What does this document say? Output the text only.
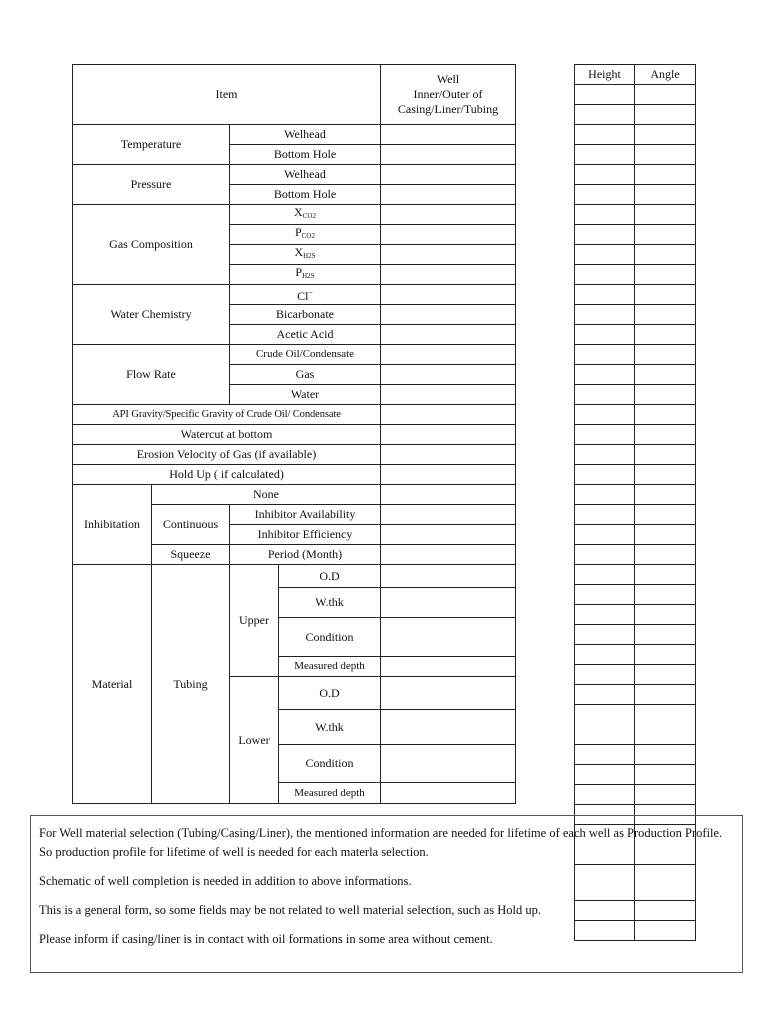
Item				Well
Inner/Outer of
Casing/Liner/Tubing

Temperature		Welhead		
		Bottom Hole		
Pressure		Welhead		
		Bottom Hole		
Gas Composition		$X_{CO2}$	
		$P_{CO2}$	
		$X_{H2S}$	
		$P_{H2S}$	
Water Chemistry		Cl−	
		Bicarbonate		
		Acetic Acid		
Flow Rate		Crude Oil/Condensate		
		Gas		
		Water		
API Gravity/Specific Gravity of Crude Oil/ Condensate				
Watercut at bottom				
Erosion Velocity of Gas (if available)				
Hold Up ( if calculated)				
Inhibitation	None			
	Continuous	Inhibitor Availability		
		Inhibitor Efficiency		
	Squeeze	Period (Month)		
Material	Tubing	Upper	O.D	
			W.thk	
			Condition	
			Measured depth	
		Lower	O.D	
			W.thk	
			Condition	
			Measured depth	
Height	Angle

For Well material selection (Tubing/Casing/Liner), the mentioned information are needed for lifetime of each well as Production Profile. So production profile for lifetime of well is needed for each materla selection.

Schematic of well completion is needed in addition to above informations.

This is a general form, so some fields may be not related to well material selection, such as Hold up.

Please inform if casing/liner is in contact with oil formations in some area without cement.
